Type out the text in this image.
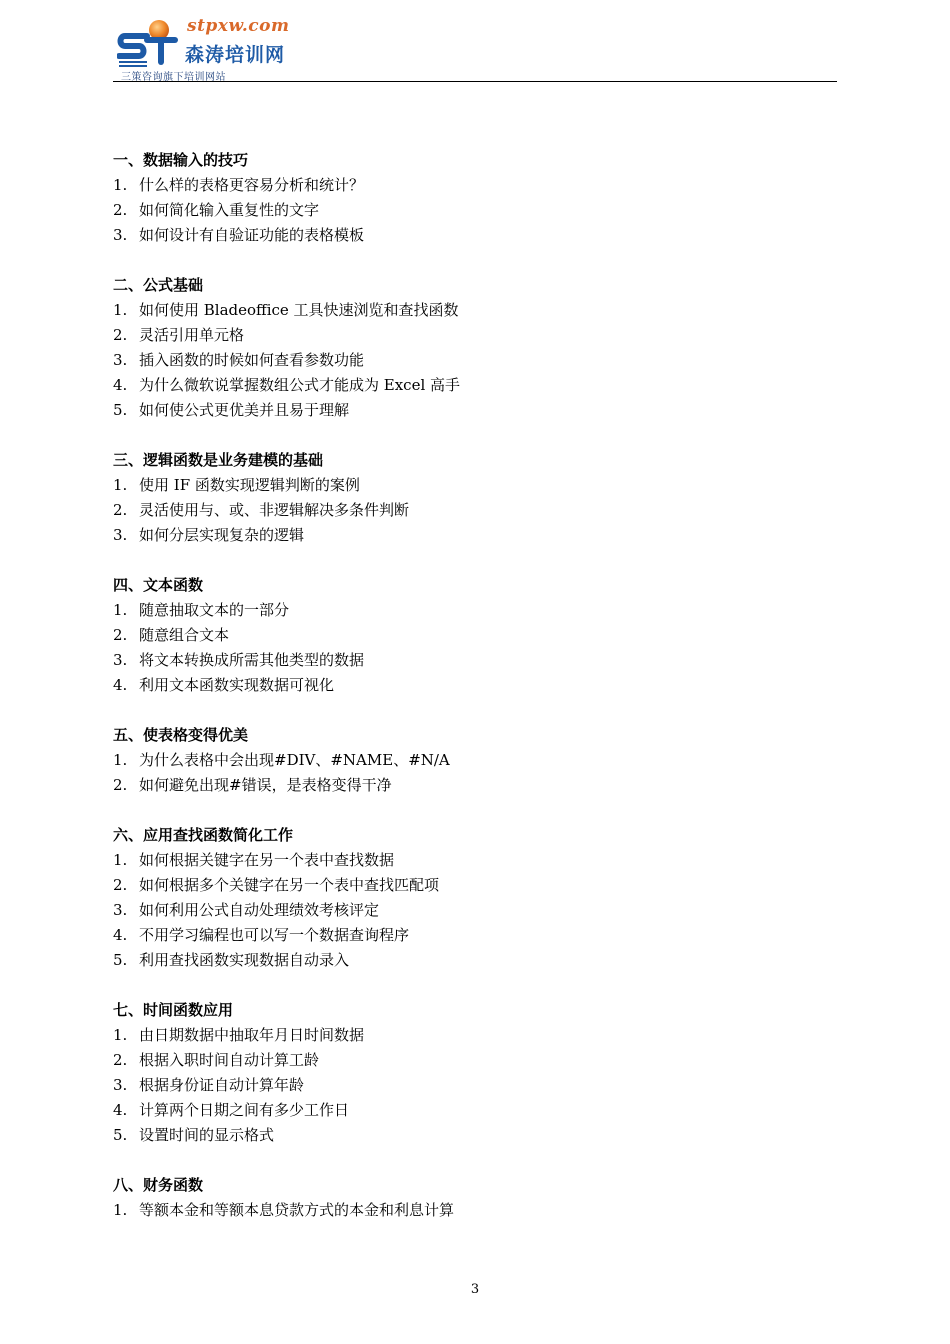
stpxw.com
森涛培训网
三策咨询旗下培训网站
一、数据输入的技巧
1. 什么样的表格更容易分析和统计？
2. 如何简化输入重复性的文字
3. 如何设计有自验证功能的表格模板
二、公式基础
1. 如何使用 Bladeoffice 工具快速浏览和查找函数
2. 灵活引用单元格
3. 插入函数的时候如何查看参数功能
4. 为什么微软说掌握数组公式才能成为 Excel 高手
5. 如何使公式更优美并且易于理解
三、逻辑函数是业务建模的基础
1. 使用 IF 函数实现逻辑判断的案例
2. 灵活使用与、或、非逻辑解决多条件判断
3. 如何分层实现复杂的逻辑
四、文本函数
1. 随意抽取文本的一部分
2. 随意组合文本
3. 将文本转换成所需其他类型的数据
4. 利用文本函数实现数据可视化
五、使表格变得优美
1. 为什么表格中会出现#DIV、#NAME、#N/A
2. 如何避免出现#错误，是表格变得干净
六、应用查找函数简化工作
1. 如何根据关键字在另一个表中查找数据
2. 如何根据多个关键字在另一个表中查找匹配项
3. 如何利用公式自动处理绩效考核评定
4. 不用学习编程也可以写一个数据查询程序
5. 利用查找函数实现数据自动录入
七、时间函数应用
1. 由日期数据中抽取年月日时间数据
2. 根据入职时间自动计算工龄
3. 根据身份证自动计算年龄
4. 计算两个日期之间有多少工作日
5. 设置时间的显示格式
八、财务函数
1. 等额本金和等额本息贷款方式的本金和利息计算
3
